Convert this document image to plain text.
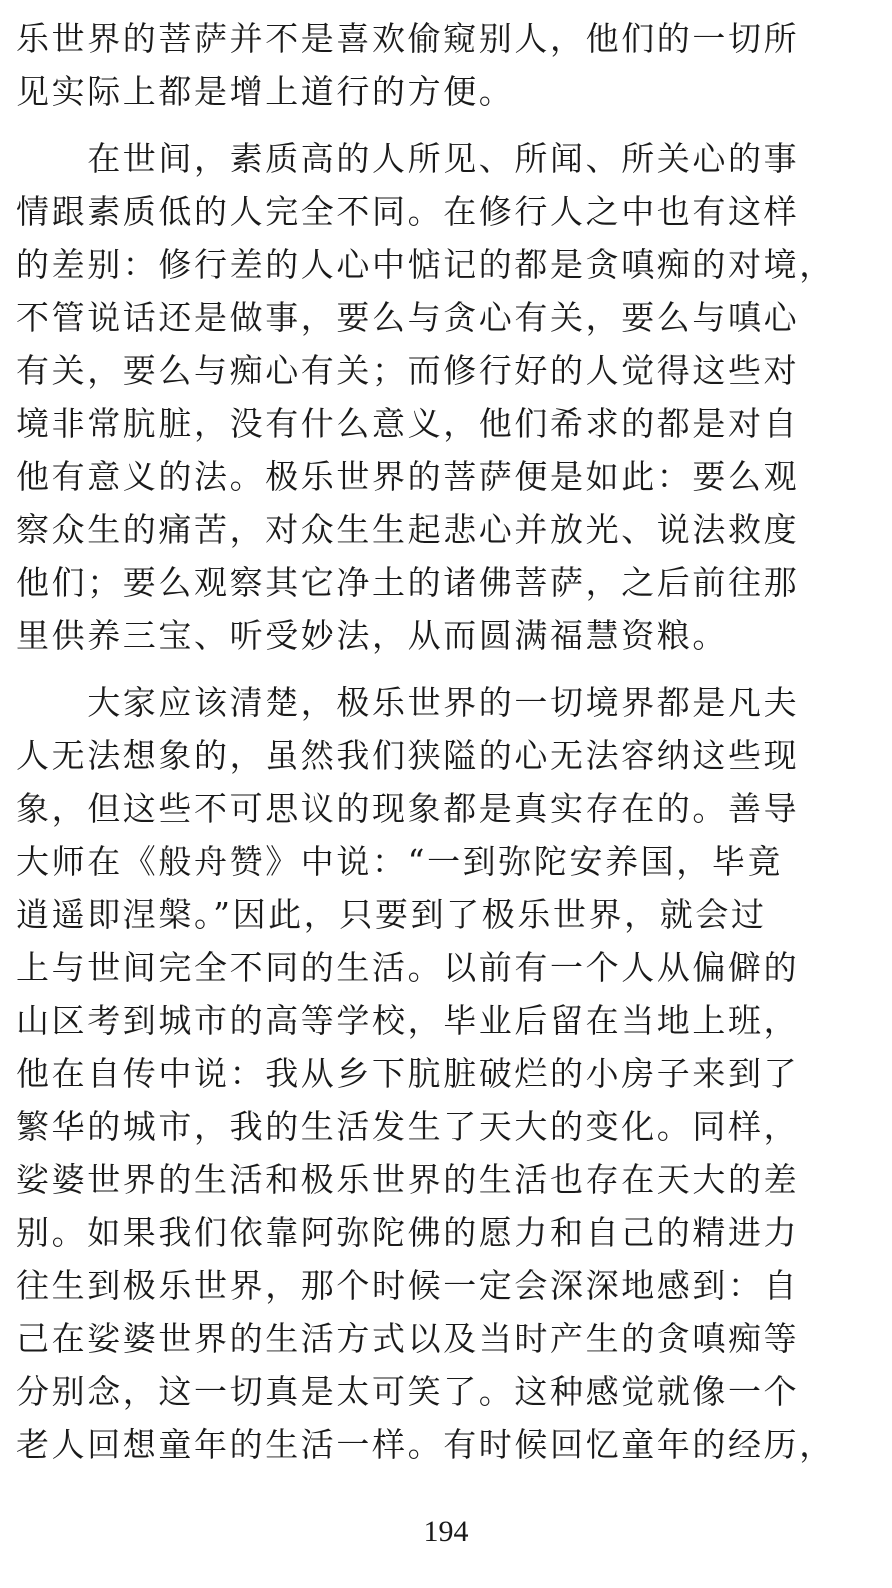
乐世界的菩萨并不是喜欢偷窥别人，他们的一切所
见实际上都是增上道行的方便。
　　在世间，素质高的人所见、所闻、所关心的事
情跟素质低的人完全不同。在修行人之中也有这样
的差别：修行差的人心中惦记的都是贪嗔痴的对境，
不管说话还是做事，要么与贪心有关，要么与嗔心
有关，要么与痴心有关；而修行好的人觉得这些对
境非常肮脏，没有什么意义，他们希求的都是对自
他有意义的法。极乐世界的菩萨便是如此：要么观
察众生的痛苦，对众生生起悲心并放光、说法救度
他们；要么观察其它净土的诸佛菩萨，之后前往那
里供养三宝、听受妙法，从而圆满福慧资粮。
　　大家应该清楚，极乐世界的一切境界都是凡夫
人无法想象的，虽然我们狭隘的心无法容纳这些现
象，但这些不可思议的现象都是真实存在的。善导
大师在《般舟赞》中说：“一到弥陀安养国，毕竟
逍遥即涅槃。”因此，只要到了极乐世界，就会过
上与世间完全不同的生活。以前有一个人从偏僻的
山区考到城市的高等学校，毕业后留在当地上班，
他在自传中说：我从乡下肮脏破烂的小房子来到了
繁华的城市，我的生活发生了天大的变化。同样，
娑婆世界的生活和极乐世界的生活也存在天大的差
别。如果我们依靠阿弥陀佛的愿力和自己的精进力
往生到极乐世界，那个时候一定会深深地感到：自
己在娑婆世界的生活方式以及当时产生的贪嗔痴等
分别念，这一切真是太可笑了。这种感觉就像一个
老人回想童年的生活一样。有时候回忆童年的经历，
194
